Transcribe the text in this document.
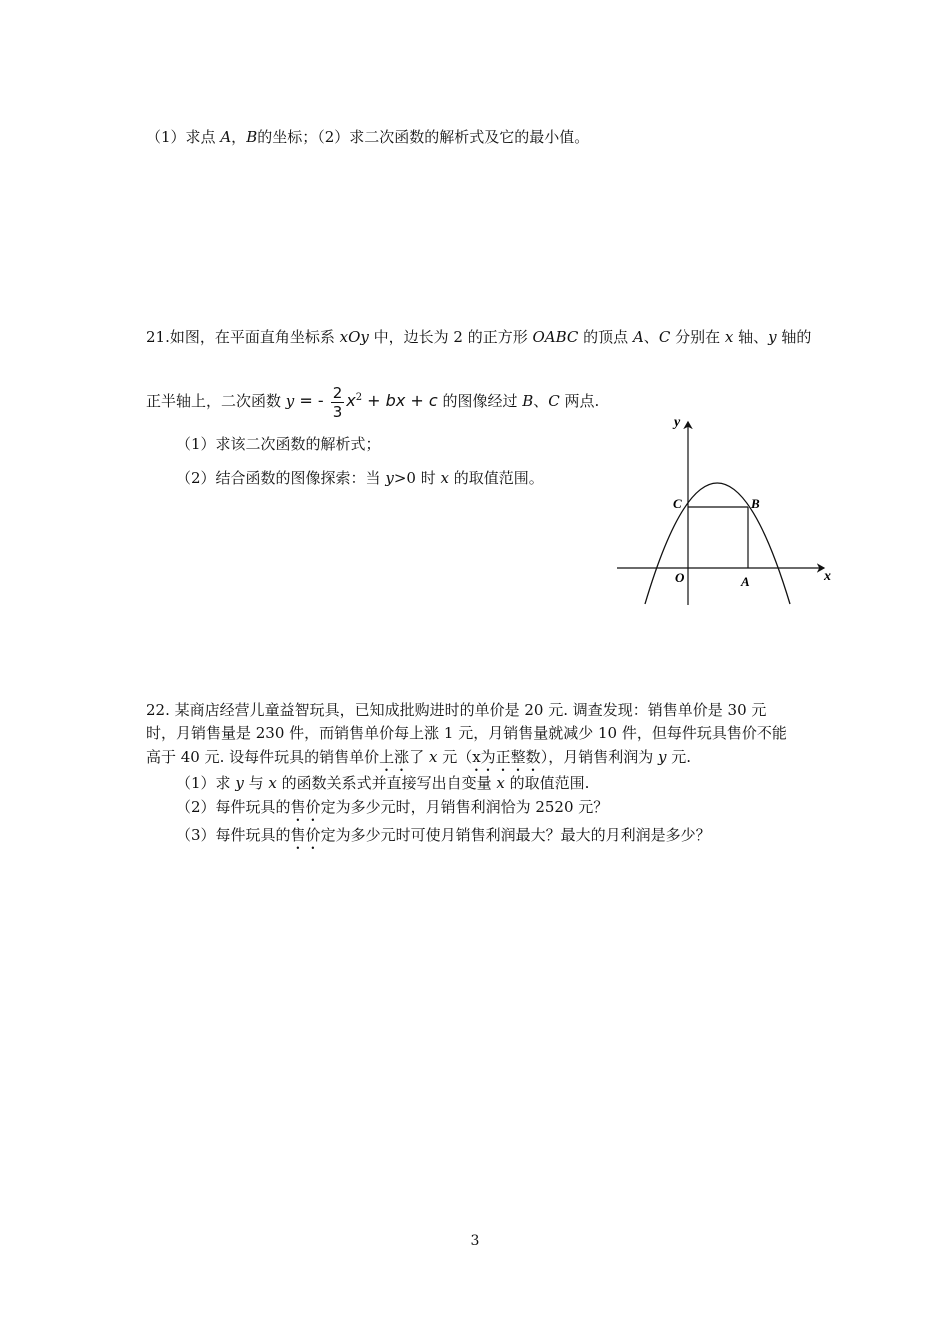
（1）求点 A，B的坐标；（2）求二次函数的解析式及它的最小值。
21.如图，在平面直角坐标系 xOy 中，边长为 2 的正方形 OABC 的顶点 A、C 分别在 x 轴、y 轴的
正半轴上，二次函数 y = - $\frac{2}{3} x^2$ + bx + c 的图像经过 B、C 两点.
（1）求该二次函数的解析式；
（2）结合函数的图像探索：当 y>0 时 x 的取值范围。
y
x
O	A
B
C
22. 某商店经营儿童益智玩具，已知成批购进时的单价是 20 元. 调查发现：销售单价是 30 元
时，月销售量是 230 件，而销售单价每上涨 1 元，月销售量就减少 10 件，但每件玩具售价不能
高于 40 元. 设每件玩具的销售单价上涨了 x 元（x为正整数），月销售利润为 y 元.
（1）求 y 与 x 的函数关系式并直接写出自变量 x 的取值范围.
（2）每件玩具的售价定为多少元时，月销售利润恰为 2520 元？
（3）每件玩具的售价定为多少元时可使月销售利润最大？最大的月利润是多少？
3
